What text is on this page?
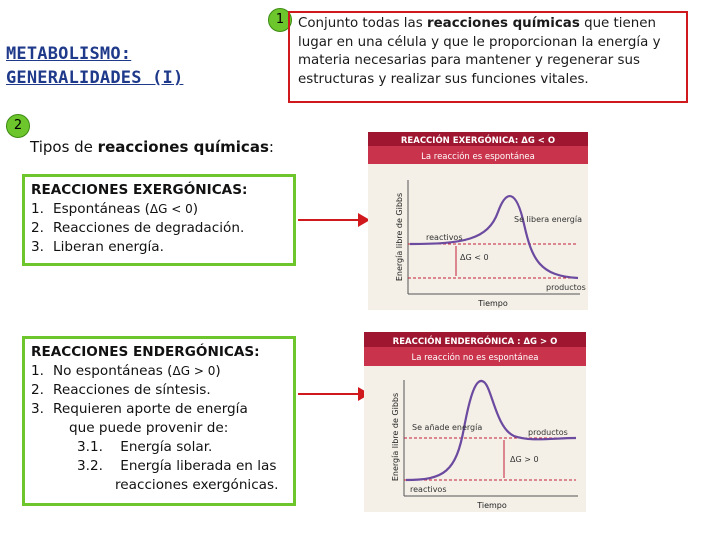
METABOLISMO:
GENERALIDADES (I)
1
2
Conjunto todas las reacciones químicas que tienen lugar en una célula y que le proporcionan la energía y materia necesarias para mantener y regenerar sus estructuras y realizar sus funciones vitales.
Tipos de reacciones químicas:
REACCIONES EXERGÓNICAS:
1. Espontáneas (ΔG < 0)
2. Reacciones de degradación.
3. Liberan energía.
REACCIONES ENDERGÓNICAS:
1. No espontáneas (ΔG > 0)
2. Reacciones de síntesis.
3. Requieren aporte de energía
que puede provenir de:
3.1.    Energía solar.
3.2.    Energía liberada en las
reacciones exergónicas.
REACCIÓN EXERGÓNICA: ΔG < O
La reacción es espontánea
Energía libre de Gibbs	reactivos
ΔG < 0
Se libera energía
productos
Tiempo
REACCIÓN ENDERGÓNICA : ΔG > O
La reacción no es espontánea
Energía libre de Gibbs Se añade energía
productos
ΔG > 0
reactivos
Tiempo
